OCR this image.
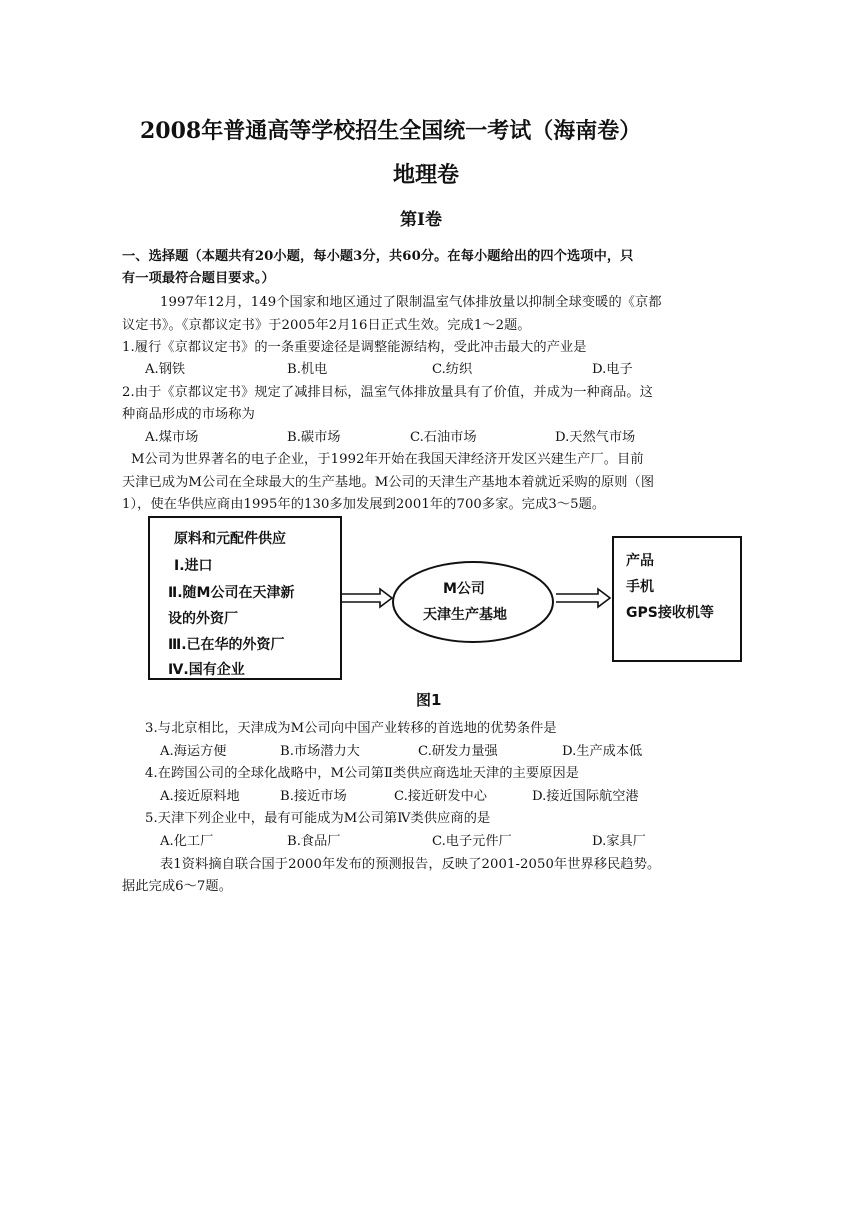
2008年普通高等学校招生全国统一考试（海南卷）
地理卷
第Ⅰ卷
一、选择题（本题共有20小题，每小题3分，共60分。在每小题给出的四个选项中，只
有一项最符合题目要求。）
1997年12月，149个国家和地区通过了限制温室气体排放量以抑制全球变暖的《京都
议定书》。《京都议定书》于2005年2月16日正式生效。完成1～2题。
1.履行《京都议定书》的一条重要途径是调整能源结构，受此冲击最大的产业是
A.钢铁	B.机电	C.纺织	D.电子
2.由于《京都议定书》规定了减排目标，温室气体排放量具有了价值，并成为一种商品。这
种商品形成的市场称为
A.煤市场	B.碳市场	C.石油市场	D.天然气市场
M公司为世界著名的电子企业，于1992年开始在我国天津经济开发区兴建生产厂。目前
天津已成为M公司在全球最大的生产基地。M公司的天津生产基地本着就近采购的原则（图
1），使在华供应商由1995年的130多加发展到2001年的700多家。完成3～5题。
原料和元配件供应
Ⅰ.进口
Ⅱ.随M公司在天津新
设的外资厂
Ⅲ.已在华的外资厂
Ⅳ.国有企业
M公司
天津生产基地
产品
手机
GPS接收机等
图1
3.与北京相比，天津成为M公司向中国产业转移的首选地的优势条件是
A.海运方便	B.市场潜力大	C.研发力量强	D.生产成本低
4.在跨国公司的全球化战略中，M公司第Ⅱ类供应商选址天津的主要原因是
A.接近原料地	B.接近市场	C.接近研发中心	D.接近国际航空港
5.天津下列企业中，最有可能成为M公司第Ⅳ类供应商的是
A.化工厂	B.食品厂	C.电子元件厂	D.家具厂
表1资料摘自联合国于2000年发布的预测报告，反映了2001-2050年世界移民趋势。
据此完成6～7题。
